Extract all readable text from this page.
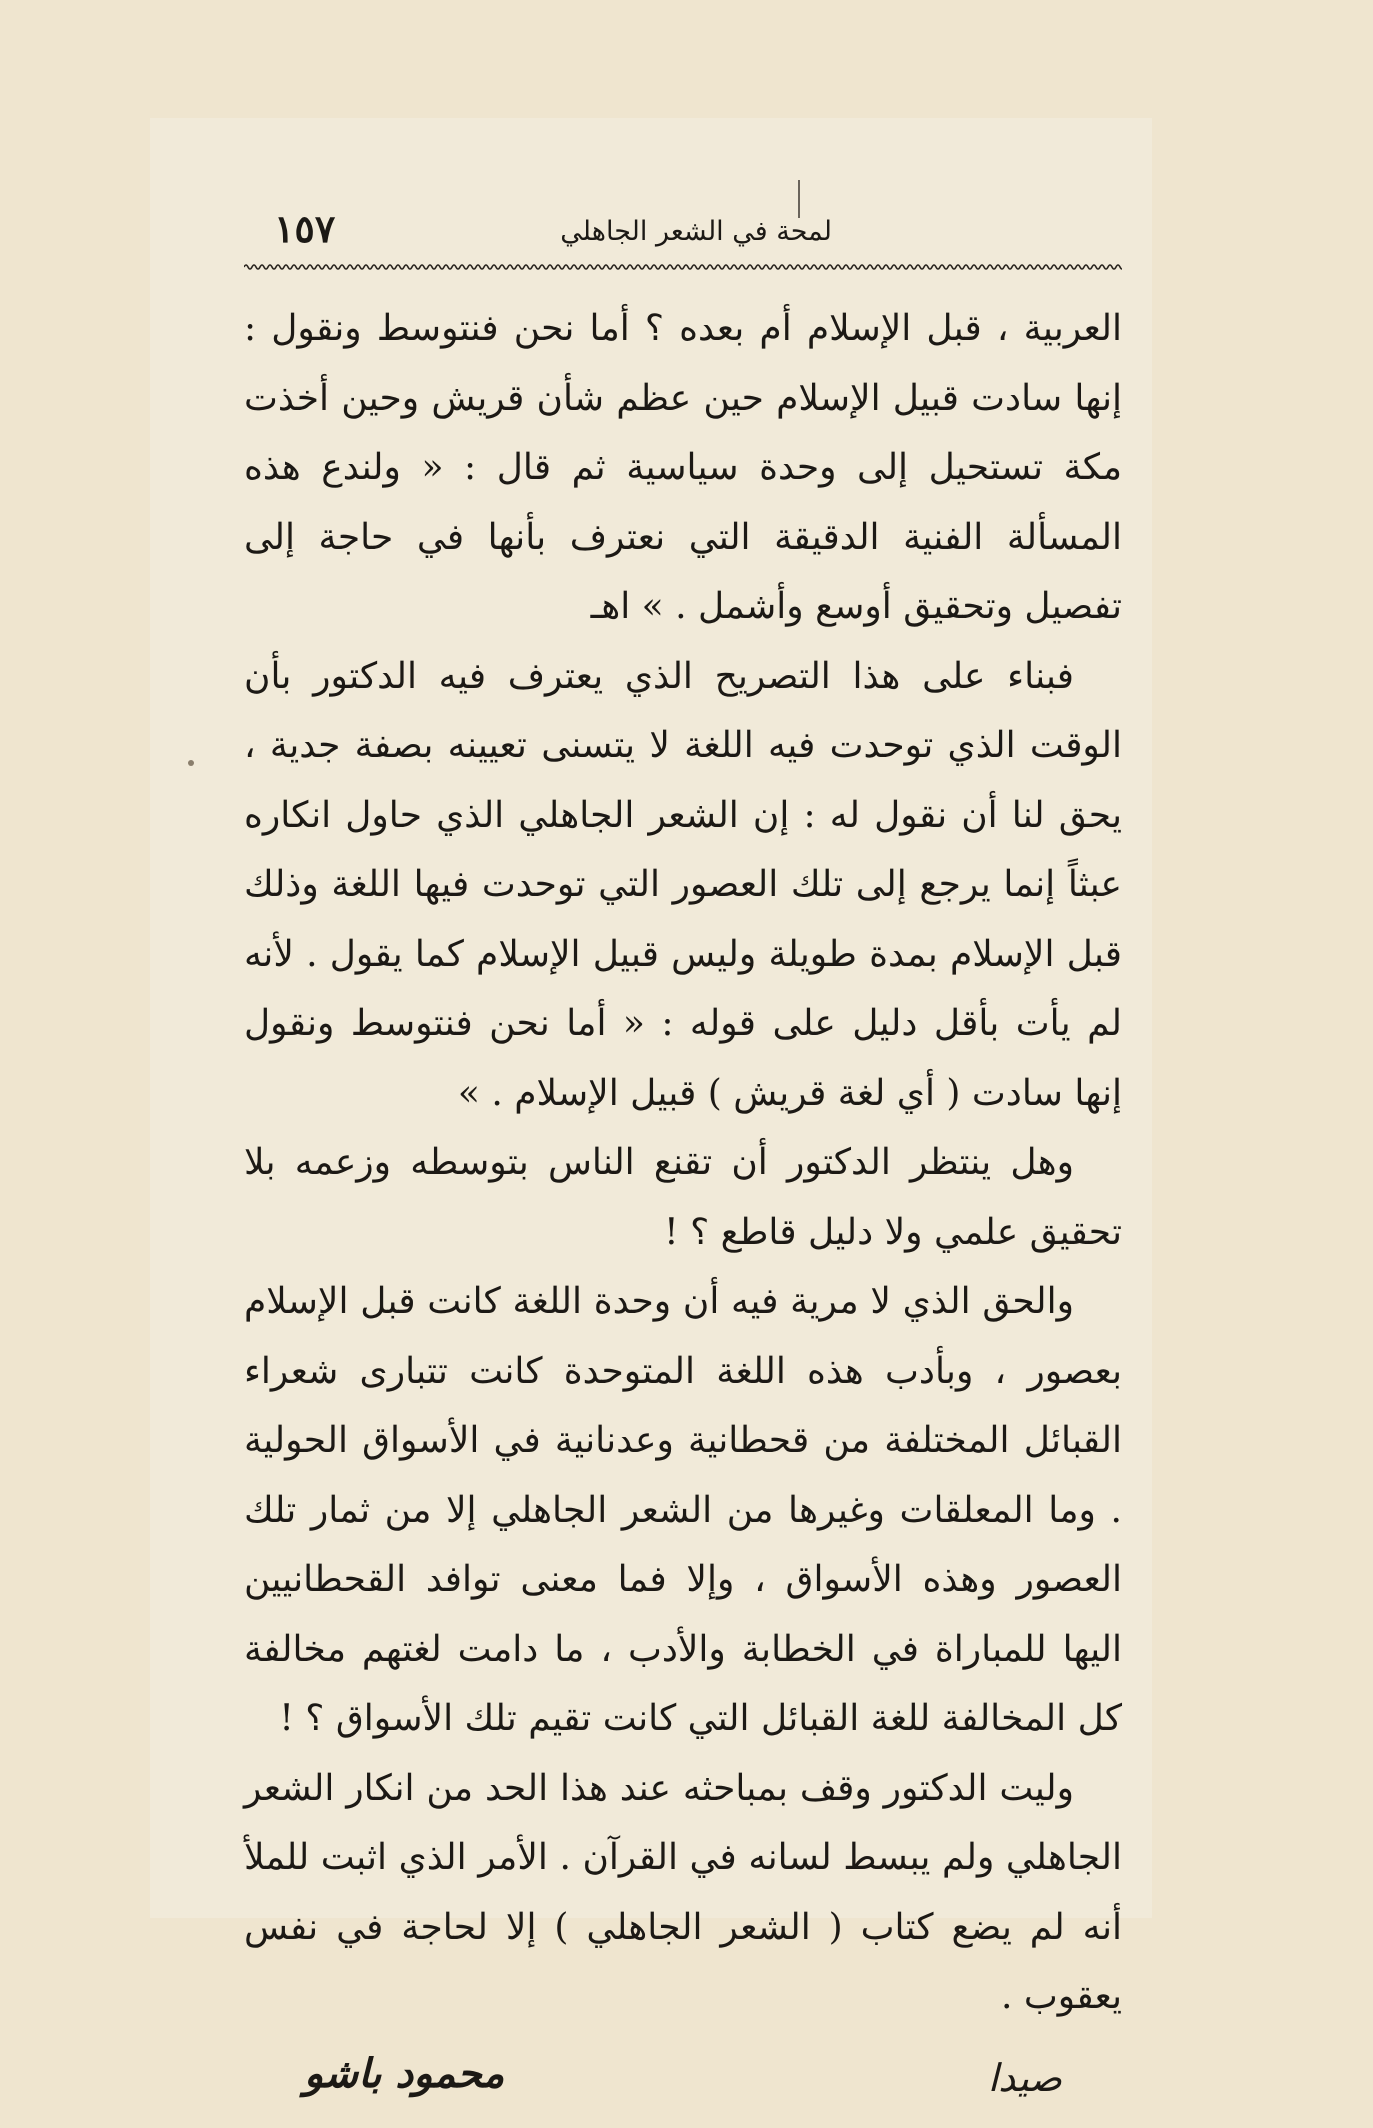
لمحة في الشعر الجاهلي
١٥٧

العربية ، قبل الإسلام أم بعده ؟ أما نحن فنتوسط ونقول : إنها سادت قبيل الإسلام حين عظم شأن قريش وحين أخذت مكة تستحيل إلى وحدة سياسية ثم قال : « ولندع هذه المسألة الفنية الدقيقة التي نعترف بأنها في حاجة إلى تفصيل وتحقيق أوسع وأشمل . » اهـ

فبناء على هذا التصريح الذي يعترف فيه الدكتور بأن الوقت الذي توحدت فيه اللغة لا يتسنى تعيينه بصفة جدية ، يحق لنا أن نقول له : إن الشعر الجاهلي الذي حاول انكاره عبثاً إنما يرجع إلى تلك العصور التي توحدت فيها اللغة وذلك قبل الإسلام بمدة طويلة وليس قبيل الإسلام كما يقول . لأنه لم يأت بأقل دليل على قوله : « أما نحن فنتوسط ونقول إنها سادت ( أي لغة قريش ) قبيل الإسلام . »

وهل ينتظر الدكتور أن تقنع الناس بتوسطه وزعمه بلا تحقيق علمي ولا دليل قاطع ؟ !

والحق الذي لا مرية فيه أن وحدة اللغة كانت قبل الإسلام بعصور ، وبأدب هذه اللغة المتوحدة كانت تتبارى شعراء القبائل المختلفة من قحطانية وعدنانية في الأسواق الحولية . وما المعلقات وغيرها من الشعر الجاهلي إلا من ثمار تلك العصور وهذه الأسواق ، وإلا فما معنى توافد القحطانيين اليها للمباراة في الخطابة والأدب ، ما دامت لغتهم مخالفة كل المخالفة للغة القبائل التي كانت تقيم تلك الأسواق ؟ !

وليت الدكتور وقف بمباحثه عند هذا الحد من انكار الشعر الجاهلي ولم يبسط لسانه في القرآن . الأمر الذي اثبت للملأ أنه لم يضع كتاب ( الشعر الجاهلي ) إلا لحاجة في نفس يعقوب .

صيدا
محمود باشو
